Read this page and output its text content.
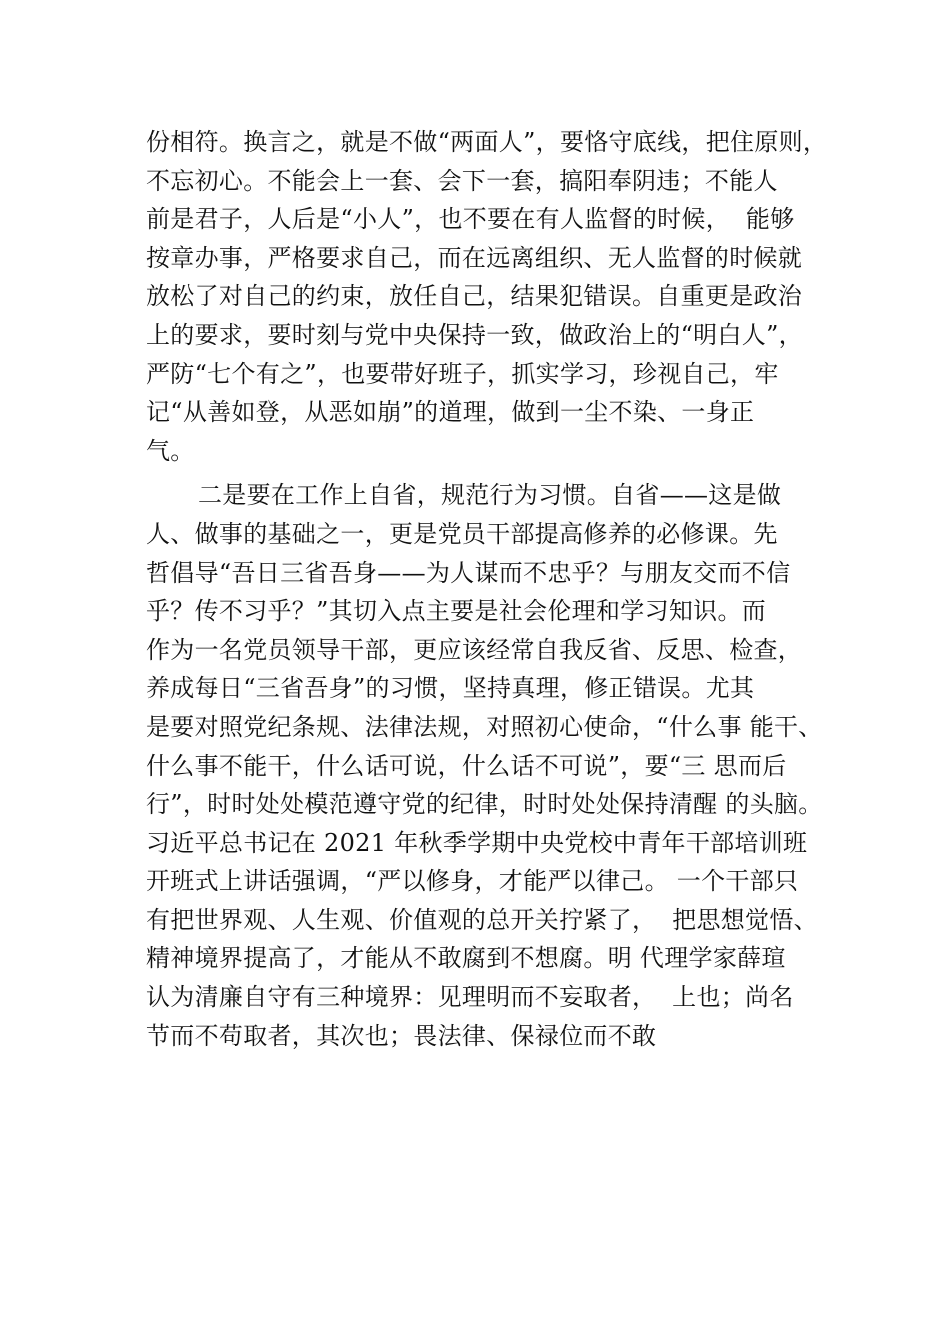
份相符。换言之，就是不做“两面人”，要恪守底线，把住原则，
不忘初心。不能会上一套、会下一套，搞阳奉阴违；不能人
前是君子，人后是“小人”，也不要在有人监督的时候，  能够
按章办事，严格要求自己，而在远离组织、无人监督的时候就
放松了对自己的约束，放任自己，结果犯错误。自重更是政治
上的要求，要时刻与党中央保持一致，做政治上的“明白人”，
严防“七个有之”，也要带好班子，抓实学习，珍视自己，牢
记“从善如登，从恶如崩”的道理，做到一尘不染、一身正
气。
二是要在工作上自省，规范行为习惯。自省——这是做
人、做事的基础之一，更是党员干部提高修养的必修课。先
哲倡导“吾日三省吾身——为人谋而不忠乎？与朋友交而不信
乎？传不习乎？”其切入点主要是社会伦理和学习知识。而
作为一名党员领导干部，更应该经常自我反省、反思、检查，
养成每日“三省吾身”的习惯，坚持真理，修正错误。尤其
是要对照党纪条规、法律法规，对照初心使命，“什么事 能干、
什么事不能干，什么话可说，什么话不可说”，要“三 思而后
行”，时时处处模范遵守党的纪律，时时处处保持清醒 的头脑。
习近平总书记在 2021 年秋季学期中央党校中青年干部培训班
开班式上讲话强调，“严以修身，才能严以律己。 一个干部只
有把世界观、人生观、价值观的总开关拧紧了，  把思想觉悟、
精神境界提高了，才能从不敢腐到不想腐。明 代理学家薛瑄
认为清廉自守有三种境界：见理明而不妄取者，  上也；尚名
节而不苟取者，其次也；畏法律、保禄位而不敢
